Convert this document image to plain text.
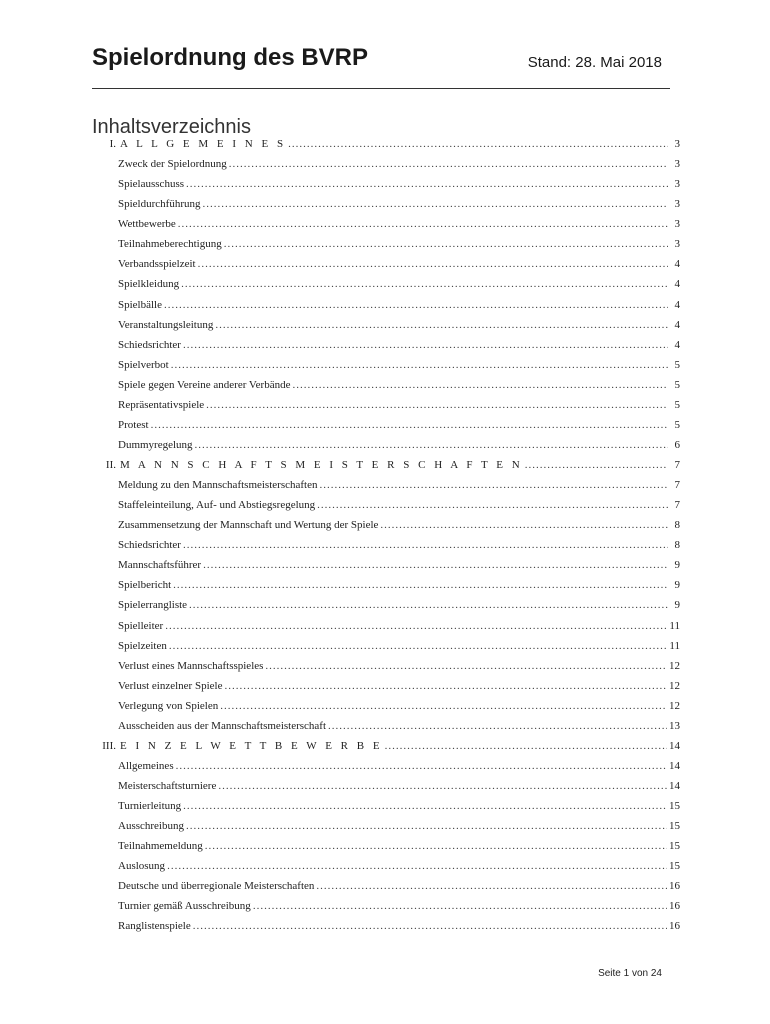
Spielordnung des BVRP	Stand: 28. Mai 2018
Inhaltsverzeichnis
I. A L L G E M E I N E S .....	3
Zweck der Spielordnung .....	3
Spielausschuss .....	3
Spieldurchführung .....	3
Wettbewerbe .....	3
Teilnahmeberechtigung .....	3
Verbandsspielzeit .....	4
Spielkleidung .....	4
Spielbälle .....	4
Veranstaltungsleitung .....	4
Schiedsrichter .....	4
Spielverbot .....	5
Spiele gegen Vereine anderer Verbände .....	5
Repräsentativspiele .....	5
Protest .....	5
Dummyregelung .....	6
II. M A N N S C H A F T S M E I S T E R S C H A F T E N .....	7
Meldung zu den Mannschaftsmeisterschaften .....	7
Staffeleinteilung, Auf- und Abstiegsregelung .....	7
Zusammensetzung der Mannschaft und Wertung der Spiele .....	8
Schiedsrichter .....	8
Mannschaftsführer .....	9
Spielbericht .....	9
Spielerrangliste .....	9
Spielleiter .....	11
Spielzeiten .....	11
Verlust eines Mannschaftsspieles .....	12
Verlust einzelner Spiele .....	12
Verlegung von Spielen .....	12
Ausscheiden aus der Mannschaftsmeisterschaft .....	13
III. E I N Z E L W E T T B E W E R B E .....	14
Allgemeines .....	14
Meisterschaftsturniere .....	14
Turnierleitung .....	15
Ausschreibung .....	15
Teilnahmemeldung .....	15
Auslosung .....	15
Deutsche und überregionale Meisterschaften .....	16
Turnier gemäß Ausschreibung .....	16
Ranglistenspiele .....	16
Seite 1 von 24
